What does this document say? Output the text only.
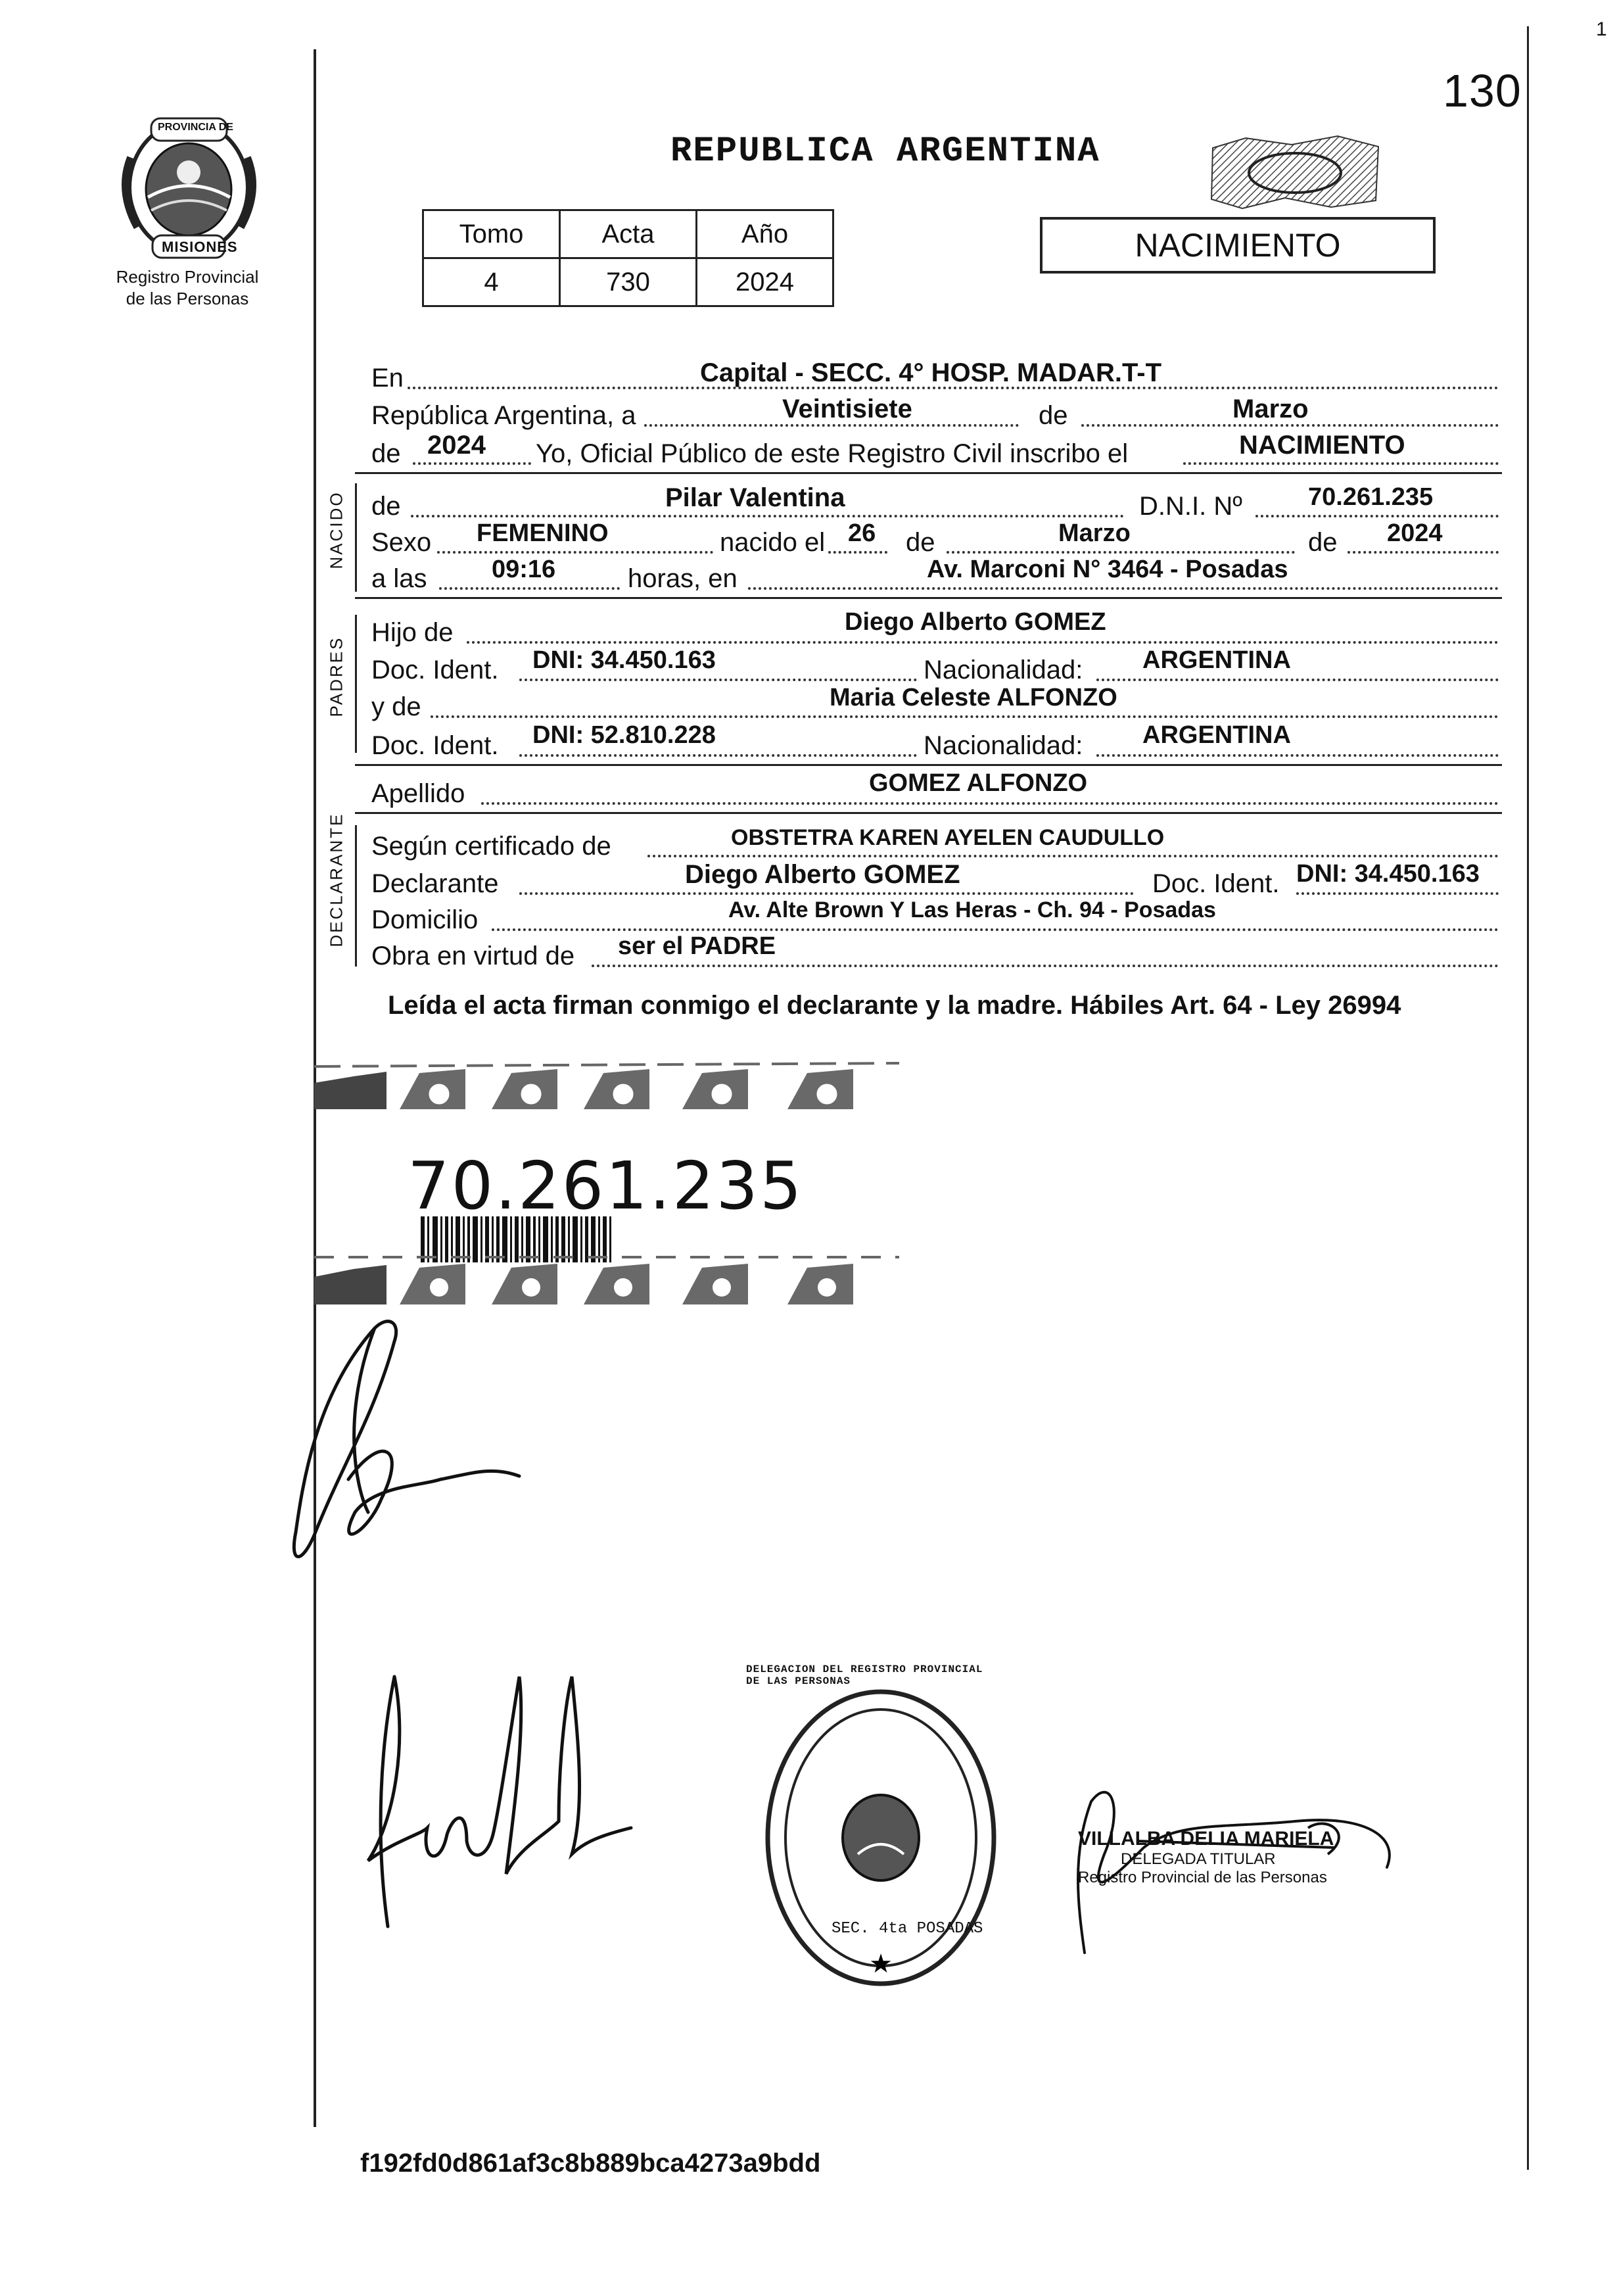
1
130
PROVINCIA DE
MISIONES
Registro Provincial
de las Personas
REPUBLICA ARGENTINA
Tomo	Acta	Año
4	730	2024
NACIMIENTO
En	Capital - SECC. 4° HOSP. MADAR.T-T
República Argentina, a	Veintisiete	de	Marzo
de 2024 Yo, Oficial Público de este Registro Civil inscribo el	NACIMIENTO
NACIDO de	Pilar Valentina	D.N.I. Nº	70.261.235
Sexo FEMENINO	nacido el 26 de	Marzo	de 2024
a las	09:16	horas, en	Av. Marconi N° 3464 - Posadas
PADRES
Hijo de	Diego Alberto GOMEZ
Doc. Ident. DNI: 34.450.163	Nacionalidad: ARGENTINA
y de	Maria Celeste ALFONZO
Doc. Ident. DNI: 52.810.228	Nacionalidad: ARGENTINA
Apellido	GOMEZ ALFONZO
DECLARANTE Según certificado de	OBSTETRA KAREN AYELEN CAUDULLO
Declarante	Diego Alberto GOMEZ	Doc. Ident. DNI: 34.450.163
Domicilio	Av. Alte Brown Y Las Heras - Ch. 94 - Posadas
Obra en virtud de ser el PADRE
Leída el acta firman conmigo el declarante y la madre. Hábiles Art. 64 - Ley 26994
70.261.235
★
DELEGACION DEL REGISTRO PROVINCIAL DE LAS PERSONAS
SEC. 4ta POSADAS
VILLALBA DELIA MARIELA
DELEGADA TITULAR
Registro Provincial de las Personas
f192fd0d861af3c8b889bca4273a9bdd
